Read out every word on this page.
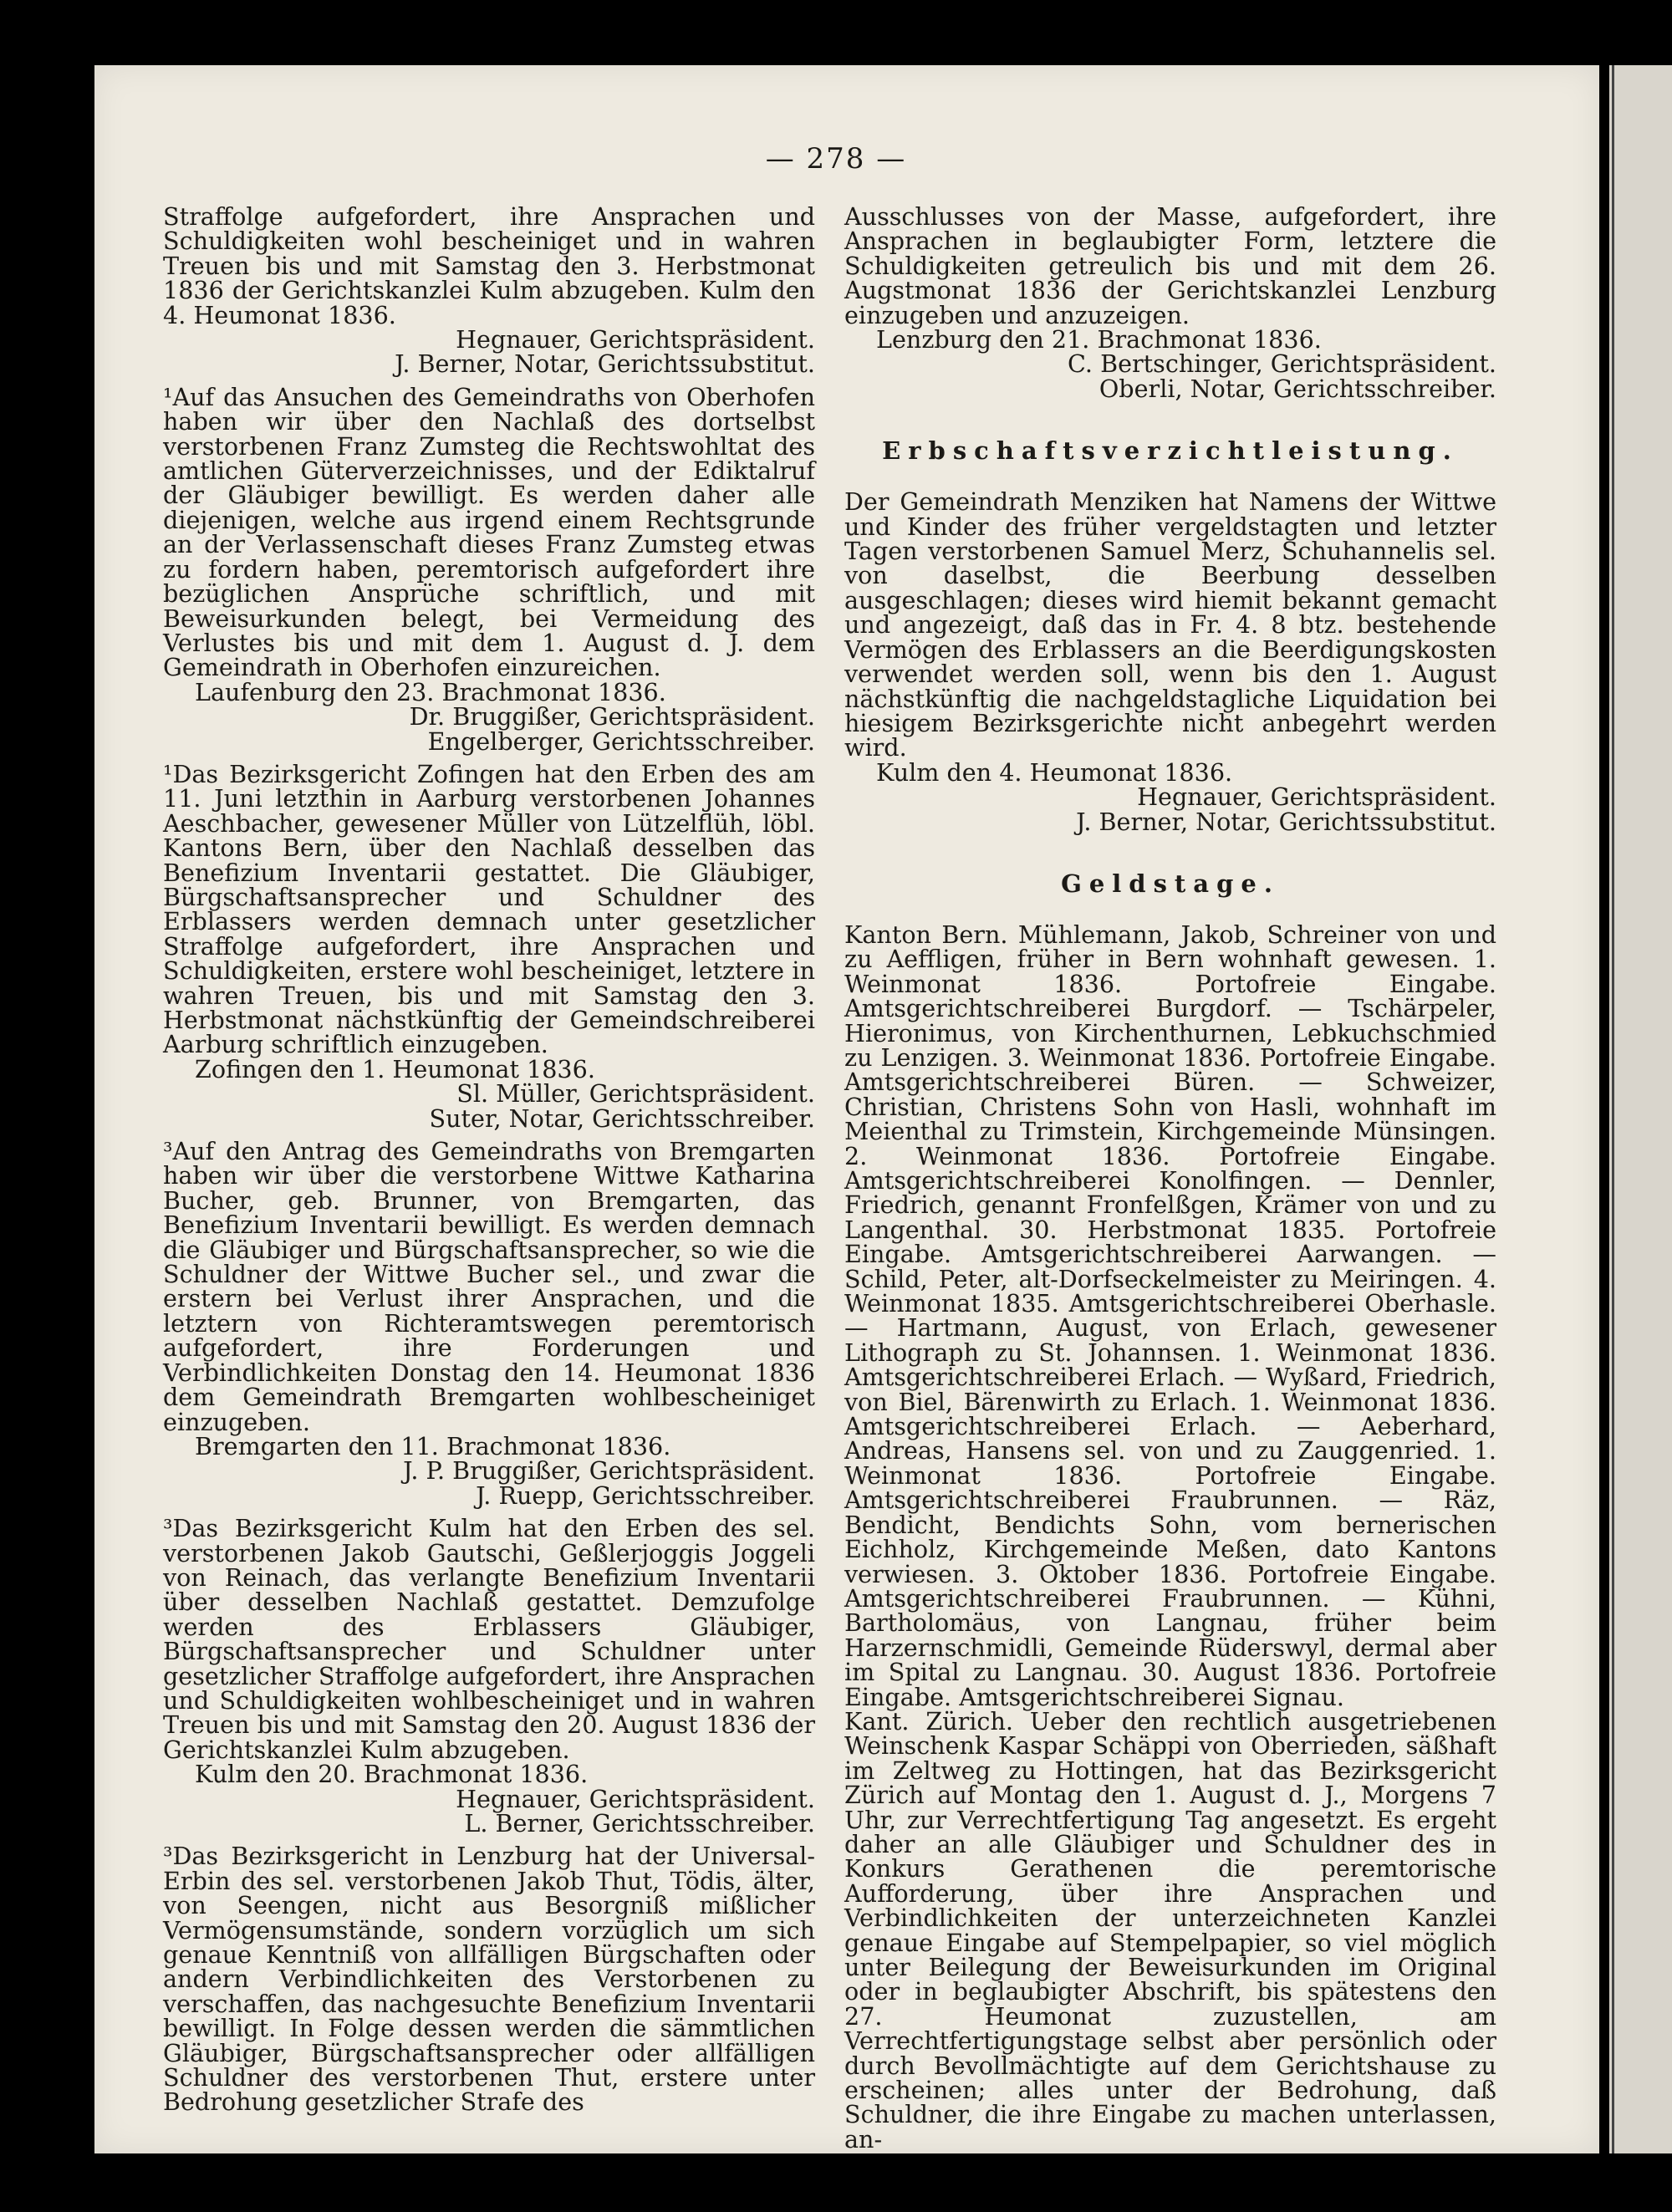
— 278 —

Straffolge aufgefordert, ihre Ansprachen und Schuldigkeiten wohl bescheiniget und in wahren Treuen bis und mit Samstag den 3. Herbstmonat 1836 der Gerichtskanzlei Kulm abzugeben. Kulm den 4. Heumonat 1836.

Hegnauer, Gerichtspräsident.
J. Berner, Notar, Gerichtssubstitut.

¹Auf das Ansuchen des Gemeindraths von Oberhofen haben wir über den Nachlaß des dortselbst verstorbenen Franz Zumsteg die Rechtswohltat des amtlichen Güterverzeichnisses, und der Ediktalruf der Gläubiger bewilligt. Es werden daher alle diejenigen, welche aus irgend einem Rechtsgrunde an der Verlassenschaft dieses Franz Zumsteg etwas zu fordern haben, peremtorisch aufgefordert ihre bezüglichen Ansprüche schriftlich, und mit Beweisurkunden belegt, bei Vermeidung des Verlustes bis und mit dem 1. August d. J. dem Gemeindrath in Oberhofen einzureichen.

Laufenburg den 23. Brachmonat 1836.
Dr. Bruggißer, Gerichtspräsident.
Engelberger, Gerichtsschreiber.

¹Das Bezirksgericht Zofingen hat den Erben des am 11. Juni letzthin in Aarburg verstorbenen Johannes Aeschbacher, gewesener Müller von Lützelflüh, löbl. Kantons Bern, über den Nachlaß desselben das Benefizium Inventarii gestattet. Die Gläubiger, Bürgschaftsansprecher und Schuldner des Erblassers werden demnach unter gesetzlicher Straffolge aufgefordert, ihre Ansprachen und Schuldigkeiten, erstere wohl bescheiniget, letztere in wahren Treuen, bis und mit Samstag den 3. Herbstmonat nächstkünftig der Gemeindschreiberei Aarburg schriftlich einzugeben.

Zofingen den 1. Heumonat 1836.
Sl. Müller, Gerichtspräsident.
Suter, Notar, Gerichtsschreiber.

³Auf den Antrag des Gemeindraths von Bremgarten haben wir über die verstorbene Wittwe Katharina Bucher, geb. Brunner, von Bremgarten, das Benefizium Inventarii bewilligt. Es werden demnach die Gläubiger und Bürgschaftsansprecher, so wie die Schuldner der Wittwe Bucher sel., und zwar die erstern bei Verlust ihrer Ansprachen, und die letztern von Richteramtswegen peremtorisch aufgefordert, ihre Forderungen und Verbindlichkeiten Donstag den 14. Heumonat 1836 dem Gemeindrath Bremgarten wohlbescheiniget einzugeben.

Bremgarten den 11. Brachmonat 1836.
J. P. Bruggißer, Gerichtspräsident.
J. Ruepp, Gerichtsschreiber.

³Das Bezirksgericht Kulm hat den Erben des sel. verstorbenen Jakob Gautschi, Geßlerjoggis Joggeli von Reinach, das verlangte Benefizium Inventarii über desselben Nachlaß gestattet. Demzufolge werden des Erblassers Gläubiger, Bürgschaftsansprecher und Schuldner unter gesetzlicher Straffolge aufgefordert, ihre Ansprachen und Schuldigkeiten wohlbescheiniget und in wahren Treuen bis und mit Samstag den 20. August 1836 der Gerichtskanzlei Kulm abzugeben.

Kulm den 20. Brachmonat 1836.
Hegnauer, Gerichtspräsident.
L. Berner, Gerichtsschreiber.

³Das Bezirksgericht in Lenzburg hat der Universal-Erbin des sel. verstorbenen Jakob Thut, Tödis, älter, von Seengen, nicht aus Besorgniß mißlicher Vermögensumstände, sondern vorzüglich um sich genaue Kenntniß von allfälligen Bürgschaften oder andern Verbindlichkeiten des Verstorbenen zu verschaffen, das nachgesuchte Benefizium Inventarii bewilligt. In Folge dessen werden die sämmtlichen Gläubiger, Bürgschaftsansprecher oder allfälligen Schuldner des verstorbenen Thut, erstere unter Bedrohung gesetzlicher Strafe des

Ausschlusses von der Masse, aufgefordert, ihre Ansprachen in beglaubigter Form, letztere die Schuldigkeiten getreulich bis und mit dem 26. Augstmonat 1836 der Gerichtskanzlei Lenzburg einzugeben und anzuzeigen.

Lenzburg den 21. Brachmonat 1836.
C. Bertschinger, Gerichtspräsident.
Oberli, Notar, Gerichtsschreiber.
Erbschaftsverzichtleistung.

Der Gemeindrath Menziken hat Namens der Wittwe und Kinder des früher vergeldstagten und letzter Tagen verstorbenen Samuel Merz, Schuhannelis sel. von daselbst, die Beerbung desselben ausgeschlagen; dieses wird hiemit bekannt gemacht und angezeigt, daß das in Fr. 4. 8 btz. bestehende Vermögen des Erblassers an die Beerdigungskosten verwendet werden soll, wenn bis den 1. August nächstkünftig die nachgeldstagliche Liquidation bei hiesigem Bezirksgerichte nicht anbegehrt werden wird.

Kulm den 4. Heumonat 1836.
Hegnauer, Gerichtspräsident.
J. Berner, Notar, Gerichtssubstitut.
Geldstage.

Kanton Bern. Mühlemann, Jakob, Schreiner von und zu Aeffligen, früher in Bern wohnhaft gewesen. 1. Weinmonat 1836. Portofreie Eingabe. Amtsgerichtschreiberei Burgdorf. — Tschärpeler, Hieronimus, von Kirchenthurnen, Lebkuchschmied zu Lenzigen. 3. Weinmonat 1836. Portofreie Eingabe. Amtsgerichtschreiberei Büren. — Schweizer, Christian, Christens Sohn von Hasli, wohnhaft im Meienthal zu Trimstein, Kirchgemeinde Münsingen. 2. Weinmonat 1836. Portofreie Eingabe. Amtsgerichtschreiberei Konolfingen. — Dennler, Friedrich, genannt Fronfelßgen, Krämer von und zu Langenthal. 30. Herbstmonat 1835. Portofreie Eingabe. Amtsgerichtschreiberei Aarwangen. — Schild, Peter, alt-Dorfseckelmeister zu Meiringen. 4. Weinmonat 1835. Amtsgerichtschreiberei Oberhasle. — Hartmann, August, von Erlach, gewesener Lithograph zu St. Johannsen. 1. Weinmonat 1836. Amtsgerichtschreiberei Erlach. — Wyßard, Friedrich, von Biel, Bärenwirth zu Erlach. 1. Weinmonat 1836. Amtsgerichtschreiberei Erlach. — Aeberhard, Andreas, Hansens sel. von und zu Zauggenried. 1. Weinmonat 1836. Portofreie Eingabe. Amtsgerichtschreiberei Fraubrunnen. — Räz, Bendicht, Bendichts Sohn, vom bernerischen Eichholz, Kirchgemeinde Meßen, dato Kantons verwiesen. 3. Oktober 1836. Portofreie Eingabe. Amtsgerichtschreiberei Fraubrunnen. — Kühni, Bartholomäus, von Langnau, früher beim Harzernschmidli, Gemeinde Rüderswyl, dermal aber im Spital zu Langnau. 30. August 1836. Portofreie Eingabe. Amtsgerichtschreiberei Signau.

Kant. Zürich. Ueber den rechtlich ausgetriebenen Weinschenk Kaspar Schäppi von Oberrieden, säßhaft im Zeltweg zu Hottingen, hat das Bezirksgericht Zürich auf Montag den 1. August d. J., Morgens 7 Uhr, zur Verrechtfertigung Tag angesetzt. Es ergeht daher an alle Gläubiger und Schuldner des in Konkurs Gerathenen die peremtorische Aufforderung, über ihre Ansprachen und Verbindlichkeiten der unterzeichneten Kanzlei genaue Eingabe auf Stempelpapier, so viel möglich unter Beilegung der Beweisurkunden im Original oder in beglaubigter Abschrift, bis spätestens den 27. Heumonat zuzustellen, am Verrechtfertigungstage selbst aber persönlich oder durch Bevollmächtigte auf dem Gerichtshause zu erscheinen; alles unter der Bedrohung, daß Schuldner, die ihre Eingabe zu machen unterlassen, an-
